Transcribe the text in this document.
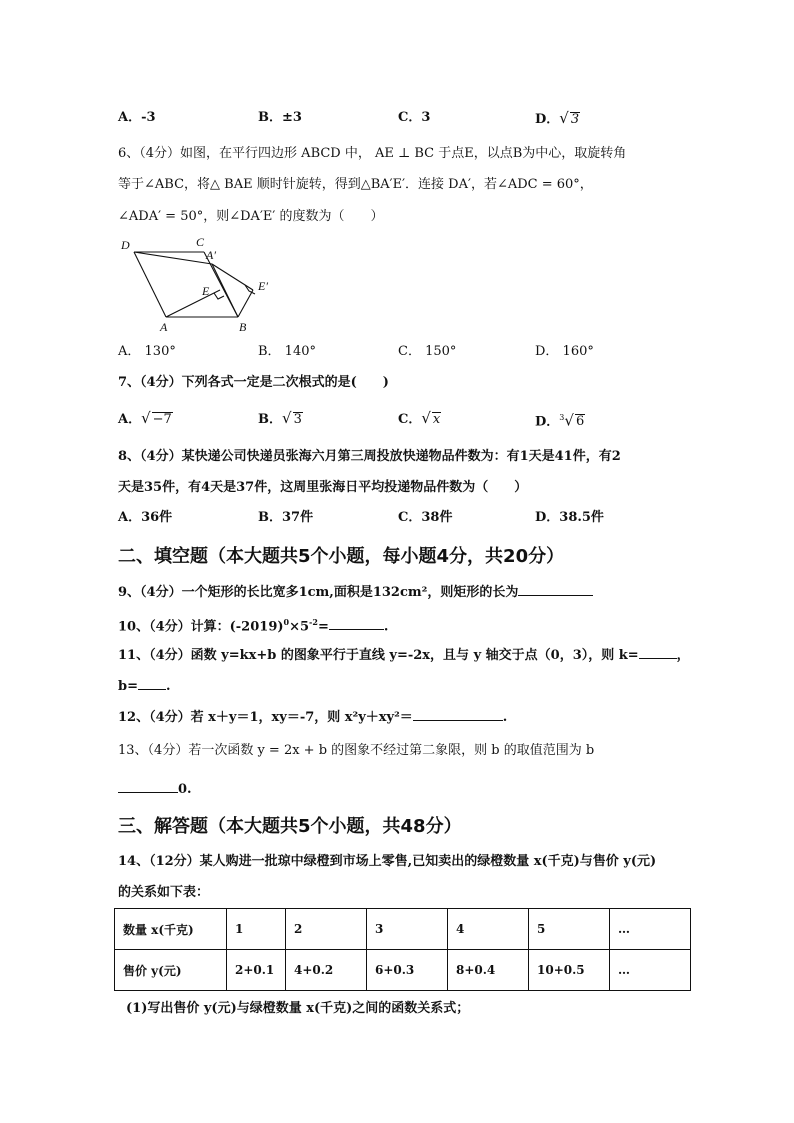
A．-3	B．±3	C．3	D．√ 3
6、（4分）如图，在平行四边形 ABCD 中， AE ⊥ BC 于点E，以点B为中心，取旋转角
等于∠ABC，将△ BAE 顺时针旋转，得到△BA′E′．连接 DA′，若∠ADC = 60°，
∠ADA′ = 50°，则∠DA′E′ 的度数为（　　）
D	C
A′
E	E′
A	B
A． 130°	B． 140°	C． 150°	D． 160°
7、（4分）下列各式一定是二次根式的是(　　)
A．√ −7	B．√ 3	C．√ x	D．$^3$√ 6
8、（4分）某快递公司快递员张海六月第三周投放快递物品件数为：有1天是41件，有2
天是35件，有4天是37件，这周里张海日平均投递物品件数为（　　）
A．36件	B．37件	C．38件	D．38.5件
二、填空题（本大题共5个小题，每小题4分，共20分）
9、（4分）一个矩形的长比宽多1cm,面积是132cm²，则矩形的长为
10、（4分）计算：$(-2019)^0\times 5^{-2}=$	.
11、（4分）函数 y=kx+b 的图象平行于直线 y=-2x，且与 y 轴交于点（0，3），则 k=	，
b= .
12、（4分）若 x＋y＝1，xy＝-7，则 x²y＋xy²＝	.
13、（4分）若一次函数 y = 2x + b 的图象不经过第二象限，则 b 的取值范围为 b
0.
三、解答题（本大题共5个小题，共48分）
14、（12分）某人购进一批琼中绿橙到市场上零售,已知卖出的绿橙数量 x(千克)与售价 y(元)
的关系如下表：
数量 x(千克)	1	2	3	4	5	…
售价 y(元)	2+0.1	4+0.2	6+0.3	8+0.4	10+0.5	…
(1)写出售价 y(元)与绿橙数量 x(千克)之间的函数关系式；
